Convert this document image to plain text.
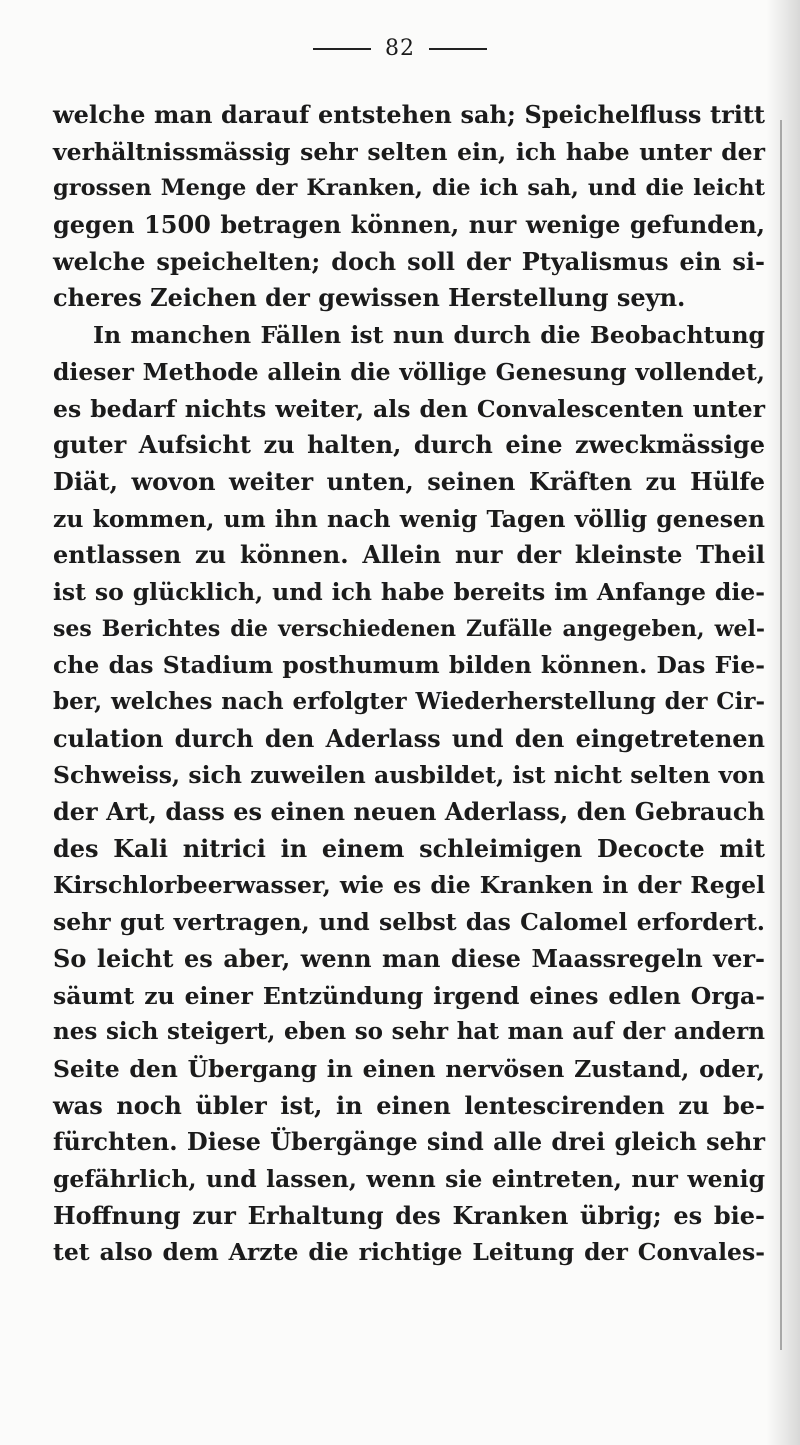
82
welche man darauf entstehen sah; Speichelfluss tritt
verhältnissmässig sehr selten ein, ich habe unter der
grossen Menge der Kranken, die ich sah, und die leicht
gegen 1500 betragen können, nur wenige gefunden,
welche speichelten; doch soll der Ptyalismus ein si-
cheres Zeichen der gewissen Herstellung seyn.
In manchen Fällen ist nun durch die Beobachtung
dieser Methode allein die völlige Genesung vollendet,
es bedarf nichts weiter, als den Convalescenten unter
guter Aufsicht zu halten, durch eine zweckmässige
Diät, wovon weiter unten, seinen Kräften zu Hülfe
zu kommen, um ihn nach wenig Tagen völlig genesen
entlassen zu können. Allein nur der kleinste Theil
ist so glücklich, und ich habe bereits im Anfange die-
ses Berichtes die verschiedenen Zufälle angegeben, wel-
che das Stadium posthumum bilden können. Das Fie-
ber, welches nach erfolgter Wiederherstellung der Cir-
culation durch den Aderlass und den eingetretenen
Schweiss, sich zuweilen ausbildet, ist nicht selten von
der Art, dass es einen neuen Aderlass, den Gebrauch
des Kali nitrici in einem schleimigen Decocte mit
Kirschlorbeerwasser, wie es die Kranken in der Regel
sehr gut vertragen, und selbst das Calomel erfordert.
So leicht es aber, wenn man diese Maassregeln ver-
säumt zu einer Entzündung irgend eines edlen Orga-
nes sich steigert, eben so sehr hat man auf der andern
Seite den Übergang in einen nervösen Zustand, oder,
was noch übler ist, in einen lentescirenden zu be-
fürchten. Diese Übergänge sind alle drei gleich sehr
gefährlich, und lassen, wenn sie eintreten, nur wenig
Hoffnung zur Erhaltung des Kranken übrig; es bie-
tet also dem Arzte die richtige Leitung der Convales-
